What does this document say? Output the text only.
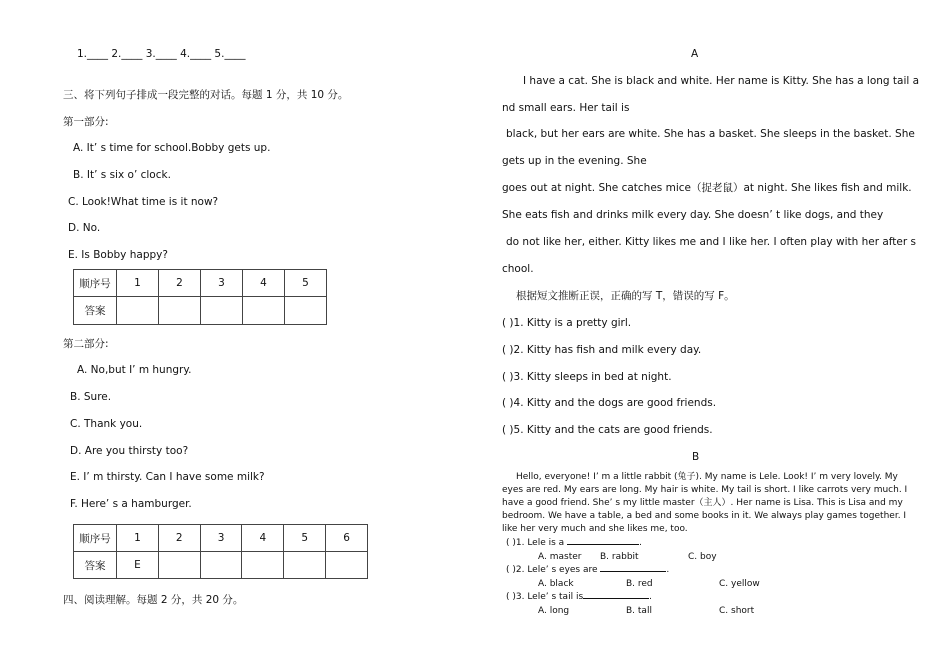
1.____ 2.____ 3.____ 4.____ 5.____
三、将下列句子排成一段完整的对话。每题 1 分，共 10 分。
第一部分:
A. It’ s time for school.Bobby gets up.
B. It’ s six o’ clock.
C. Look!What time is it now?
D. No.
E. Is Bobby happy?
顺序号	1	2	3	4	5
答案					
第二部分:
A. No,but I’ m hungry.
B. Sure.
C. Thank you.
D. Are you thirsty too?
E. I’ m thirsty. Can I have some milk?
F. Here’ s a hamburger.
顺序号	1	2	3	4	5	6
答案	E					
四、阅读理解。每题 2 分，共 20 分。
A
I have a cat. She is black and white. Her name is Kitty. She has a long tail a
nd small ears. Her tail is
black, but her ears are white. She has a basket. She sleeps in the basket. She
gets up in the evening. She
goes out at night. She catches mice（捉老鼠）at night. She likes fish and milk.
She eats fish and drinks milk every day. She doesn’ t like dogs, and they
do not like her, either. Kitty likes me and I like her. I often play with her after s
chool.
根据短文推断正误，正确的写 T，错误的写 F。
( )1. Kitty is a pretty girl.
( )2. Kitty has fish and milk every day.
( )3. Kitty sleeps in bed at night.
( )4. Kitty and the dogs are good friends.
( )5. Kitty and the cats are good friends.
B
Hello, everyone! I’ m a little rabbit (兔子). My name is Lele. Look! I’ m very lovely. My
eyes are red. My ears are long. My hair is white. My tail is short. I like carrots very much. I
have a good friend. She’ s my little master（主人）. Her name is Lisa. This is Lisa and my
bedroom. We have a table, a bed and some books in it. We always play games together. I
like her very much and she likes me, too.
( )1. Lele is a	.
A. master B. rabbit	C. boy
( )2. Lele’ s eyes are	.
A. black	B. red	C. yellow
( )3. Lele’ s tail is	.
A. long	B. tall	C. short
